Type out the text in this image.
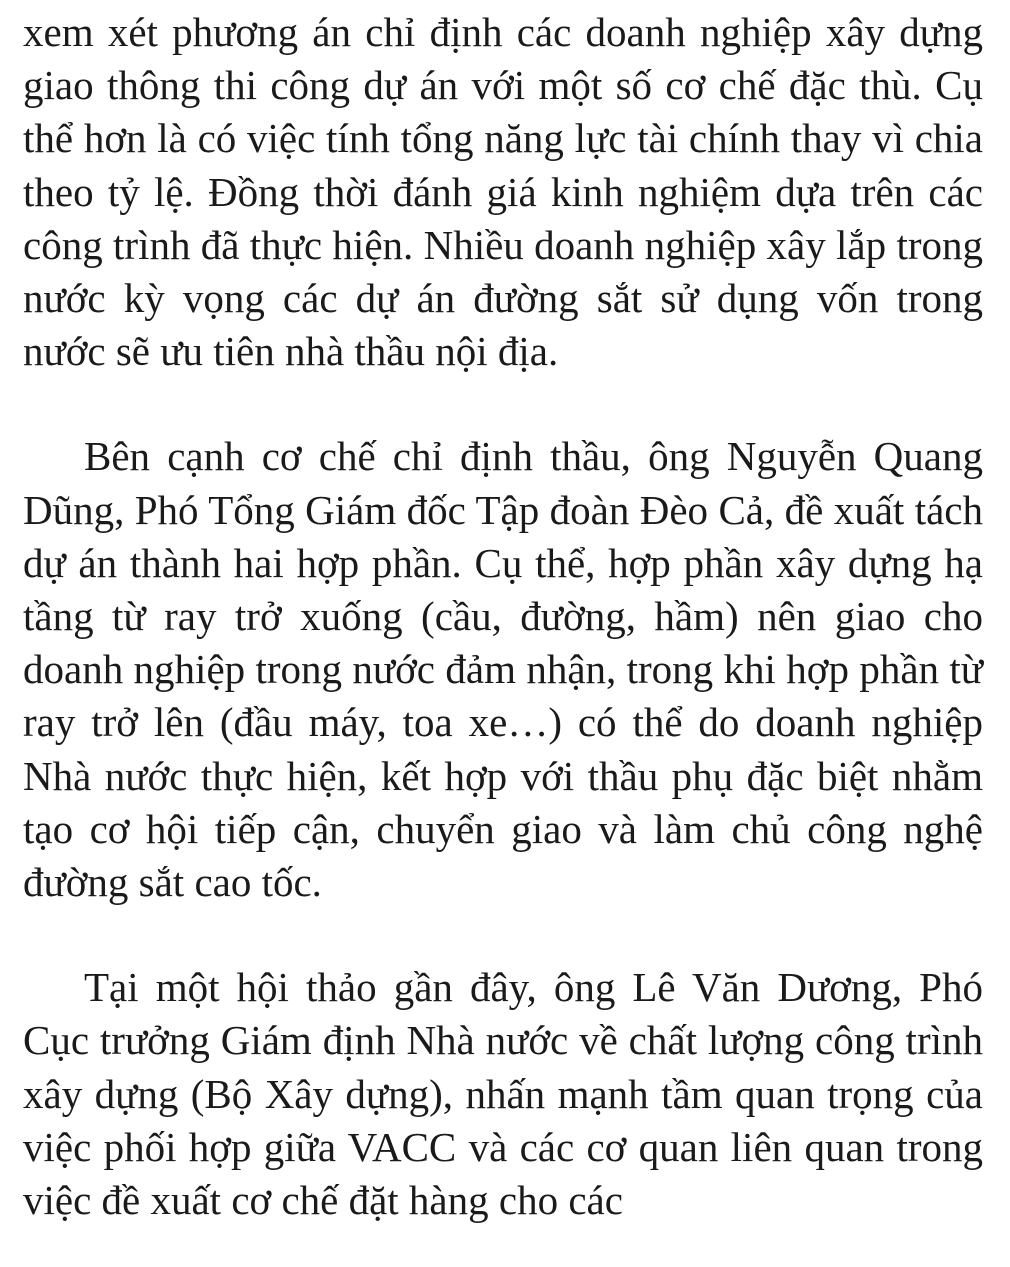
xem xét phương án chỉ định các doanh nghiệp xây dựng giao thông thi công dự án với một số cơ chế đặc thù. Cụ thể hơn là có việc tính tổng năng lực tài chính thay vì chia theo tỷ lệ. Đồng thời đánh giá kinh nghiệm dựa trên các công trình đã thực hiện. Nhiều doanh nghiệp xây lắp trong nước kỳ vọng các dự án đường sắt sử dụng vốn trong nước sẽ ưu tiên nhà thầu nội địa.

Bên cạnh cơ chế chỉ định thầu, ông Nguyễn Quang Dũng, Phó Tổng Giám đốc Tập đoàn Đèo Cả, đề xuất tách dự án thành hai hợp phần. Cụ thể, hợp phần xây dựng hạ tầng từ ray trở xuống (cầu, đường, hầm) nên giao cho doanh nghiệp trong nước đảm nhận, trong khi hợp phần từ ray trở lên (đầu máy, toa xe…) có thể do doanh nghiệp Nhà nước thực hiện, kết hợp với thầu phụ đặc biệt nhằm tạo cơ hội tiếp cận, chuyển giao và làm chủ công nghệ đường sắt cao tốc.

Tại một hội thảo gần đây, ông Lê Văn Dương, Phó Cục trưởng Giám định Nhà nước về chất lượng công trình xây dựng (Bộ Xây dựng), nhấn mạnh tầm quan trọng của việc phối hợp giữa VACC và các cơ quan liên quan trong việc đề xuất cơ chế đặt hàng cho các
